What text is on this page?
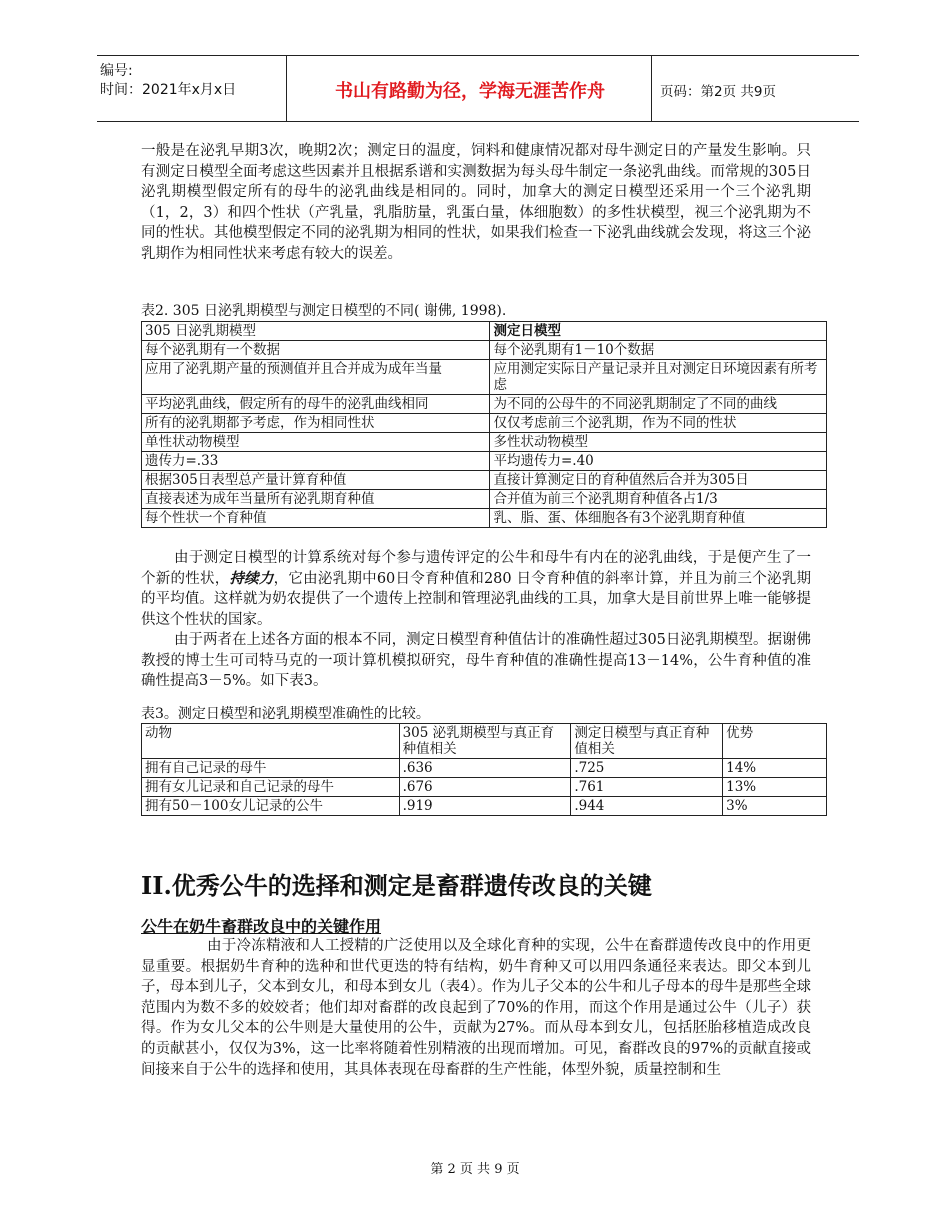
编号:
时间：2021年x月x日	书山有路勤为径，学海无涯苦作舟	页码：第2页 共9页
一般是在泌乳早期3次，晚期2次；测定日的温度，饲料和健康情况都对母牛测定日的产量发生影响。只有测定日模型全面考虑这些因素并且根据系谱和实测数据为每头母牛制定一条泌乳曲线。而常规的305日泌乳期模型假定所有的母牛的泌乳曲线是相同的。同时，加拿大的测定日模型还采用一个三个泌乳期（1，2，3）和四个性状（产乳量，乳脂肪量，乳蛋白量，体细胞数）的多性状模型，视三个泌乳期为不同的性状。其他模型假定不同的泌乳期为相同的性状，如果我们检查一下泌乳曲线就会发现，将这三个泌乳期作为相同性状来考虑有较大的误差。
表2. 305 日泌乳期模型与测定日模型的不同( 谢佛, 1998).
305 日泌乳期模型	测定日模型
每个泌乳期有一个数据	每个泌乳期有1－10个数据
应用了泌乳期产量的预测值并且合并成为成年当量	应用测定实际日产量记录并且对测定日环境因素有所考虑
平均泌乳曲线，假定所有的母牛的泌乳曲线相同	为不同的公母牛的不同泌乳期制定了不同的曲线
所有的泌乳期都予考虑，作为相同性状	仅仅考虑前三个泌乳期，作为不同的性状
单性状动物模型	多性状动物模型
遗传力=.33	平均遗传力=.40
根据305日表型总产量计算育种值	直接计算测定日的育种值然后合并为305日
直接表述为成年当量所有泌乳期育种值	合并值为前三个泌乳期育种值各占1/3
每个性状一个育种值	乳、脂、蛋、体细胞各有3个泌乳期育种值
由于测定日模型的计算系统对每个参与遗传评定的公牛和母牛有内在的泌乳曲线，于是便产生了一个新的性状，持续力，它由泌乳期中60日令育种值和280 日令育种值的斜率计算，并且为前三个泌乳期的平均值。这样就为奶农提供了一个遗传上控制和管理泌乳曲线的工具，加拿大是目前世界上唯一能够提供这个性状的国家。
由于两者在上述各方面的根本不同，测定日模型育种值估计的准确性超过305日泌乳期模型。据谢佛教授的博士生可司特马克的一项计算机模拟研究，母牛育种值的准确性提高13－14%，公牛育种值的准确性提高3－5%。如下表3。
表3。测定日模型和泌乳期模型准确性的比较。
动物	305 泌乳期模型与真正育种值相关	测定日模型与真正育种值相关	优势
拥有自己记录的母牛	.636	.725	14%
拥有女儿记录和自己记录的母牛	.676	.761	13%
拥有50－100女儿记录的公牛	.919	.944	3%
II.优秀公牛的选择和测定是畜群遗传改良的关键
公牛在奶牛畜群改良中的关键作用
由于冷冻精液和人工授精的广泛使用以及全球化育种的实现，公牛在畜群遗传改良中的作用更显重要。根据奶牛育种的选种和世代更迭的特有结构，奶牛育种又可以用四条通径来表达。即父本到儿子，母本到儿子，父本到女儿，和母本到女儿（表4）。作为儿子父本的公牛和儿子母本的母牛是那些全球范围内为数不多的姣姣者；他们却对畜群的改良起到了70%的作用，而这个作用是通过公牛（儿子）获得。作为女儿父本的公牛则是大量使用的公牛，贡献为27%。而从母本到女儿，包括胚胎移植造成改良的贡献甚小，仅仅为3%，这一比率将随着性别精液的出现而增加。可见，畜群改良的97%的贡献直接或间接来自于公牛的选择和使用，其具体表现在母畜群的生产性能，体型外貌，质量控制和生
第 2 页 共 9 页
